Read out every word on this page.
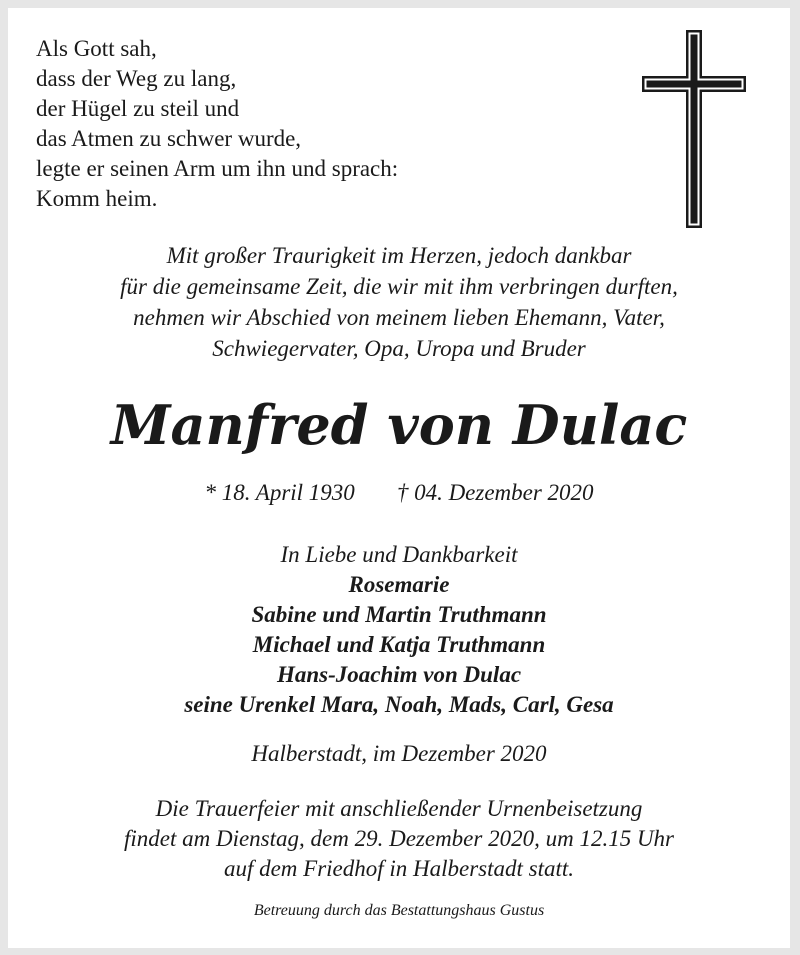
Als Gott sah,
dass der Weg zu lang,
der Hügel zu steil und
das Atmen zu schwer wurde,
legte er seinen Arm um ihn und sprach:
Komm heim.
Mit großer Traurigkeit im Herzen, jedoch dankbar
für die gemeinsame Zeit, die wir mit ihm verbringen durften,
nehmen wir Abschied von meinem lieben Ehemann, Vater,
Schwiegervater, Opa, Uropa und Bruder
Manfred von Dulac
* 18. April 1930 † 04. Dezember 2020
In Liebe und Dankbarkeit
Rosemarie
Sabine und Martin Truthmann
Michael und Katja Truthmann
Hans-Joachim von Dulac
seine Urenkel Mara, Noah, Mads, Carl, Gesa
Halberstadt, im Dezember 2020
Die Trauerfeier mit anschließender Urnenbeisetzung
findet am Dienstag, dem 29. Dezember 2020, um 12.15 Uhr
auf dem Friedhof in Halberstadt statt.
Betreuung durch das Bestattungshaus Gustus
